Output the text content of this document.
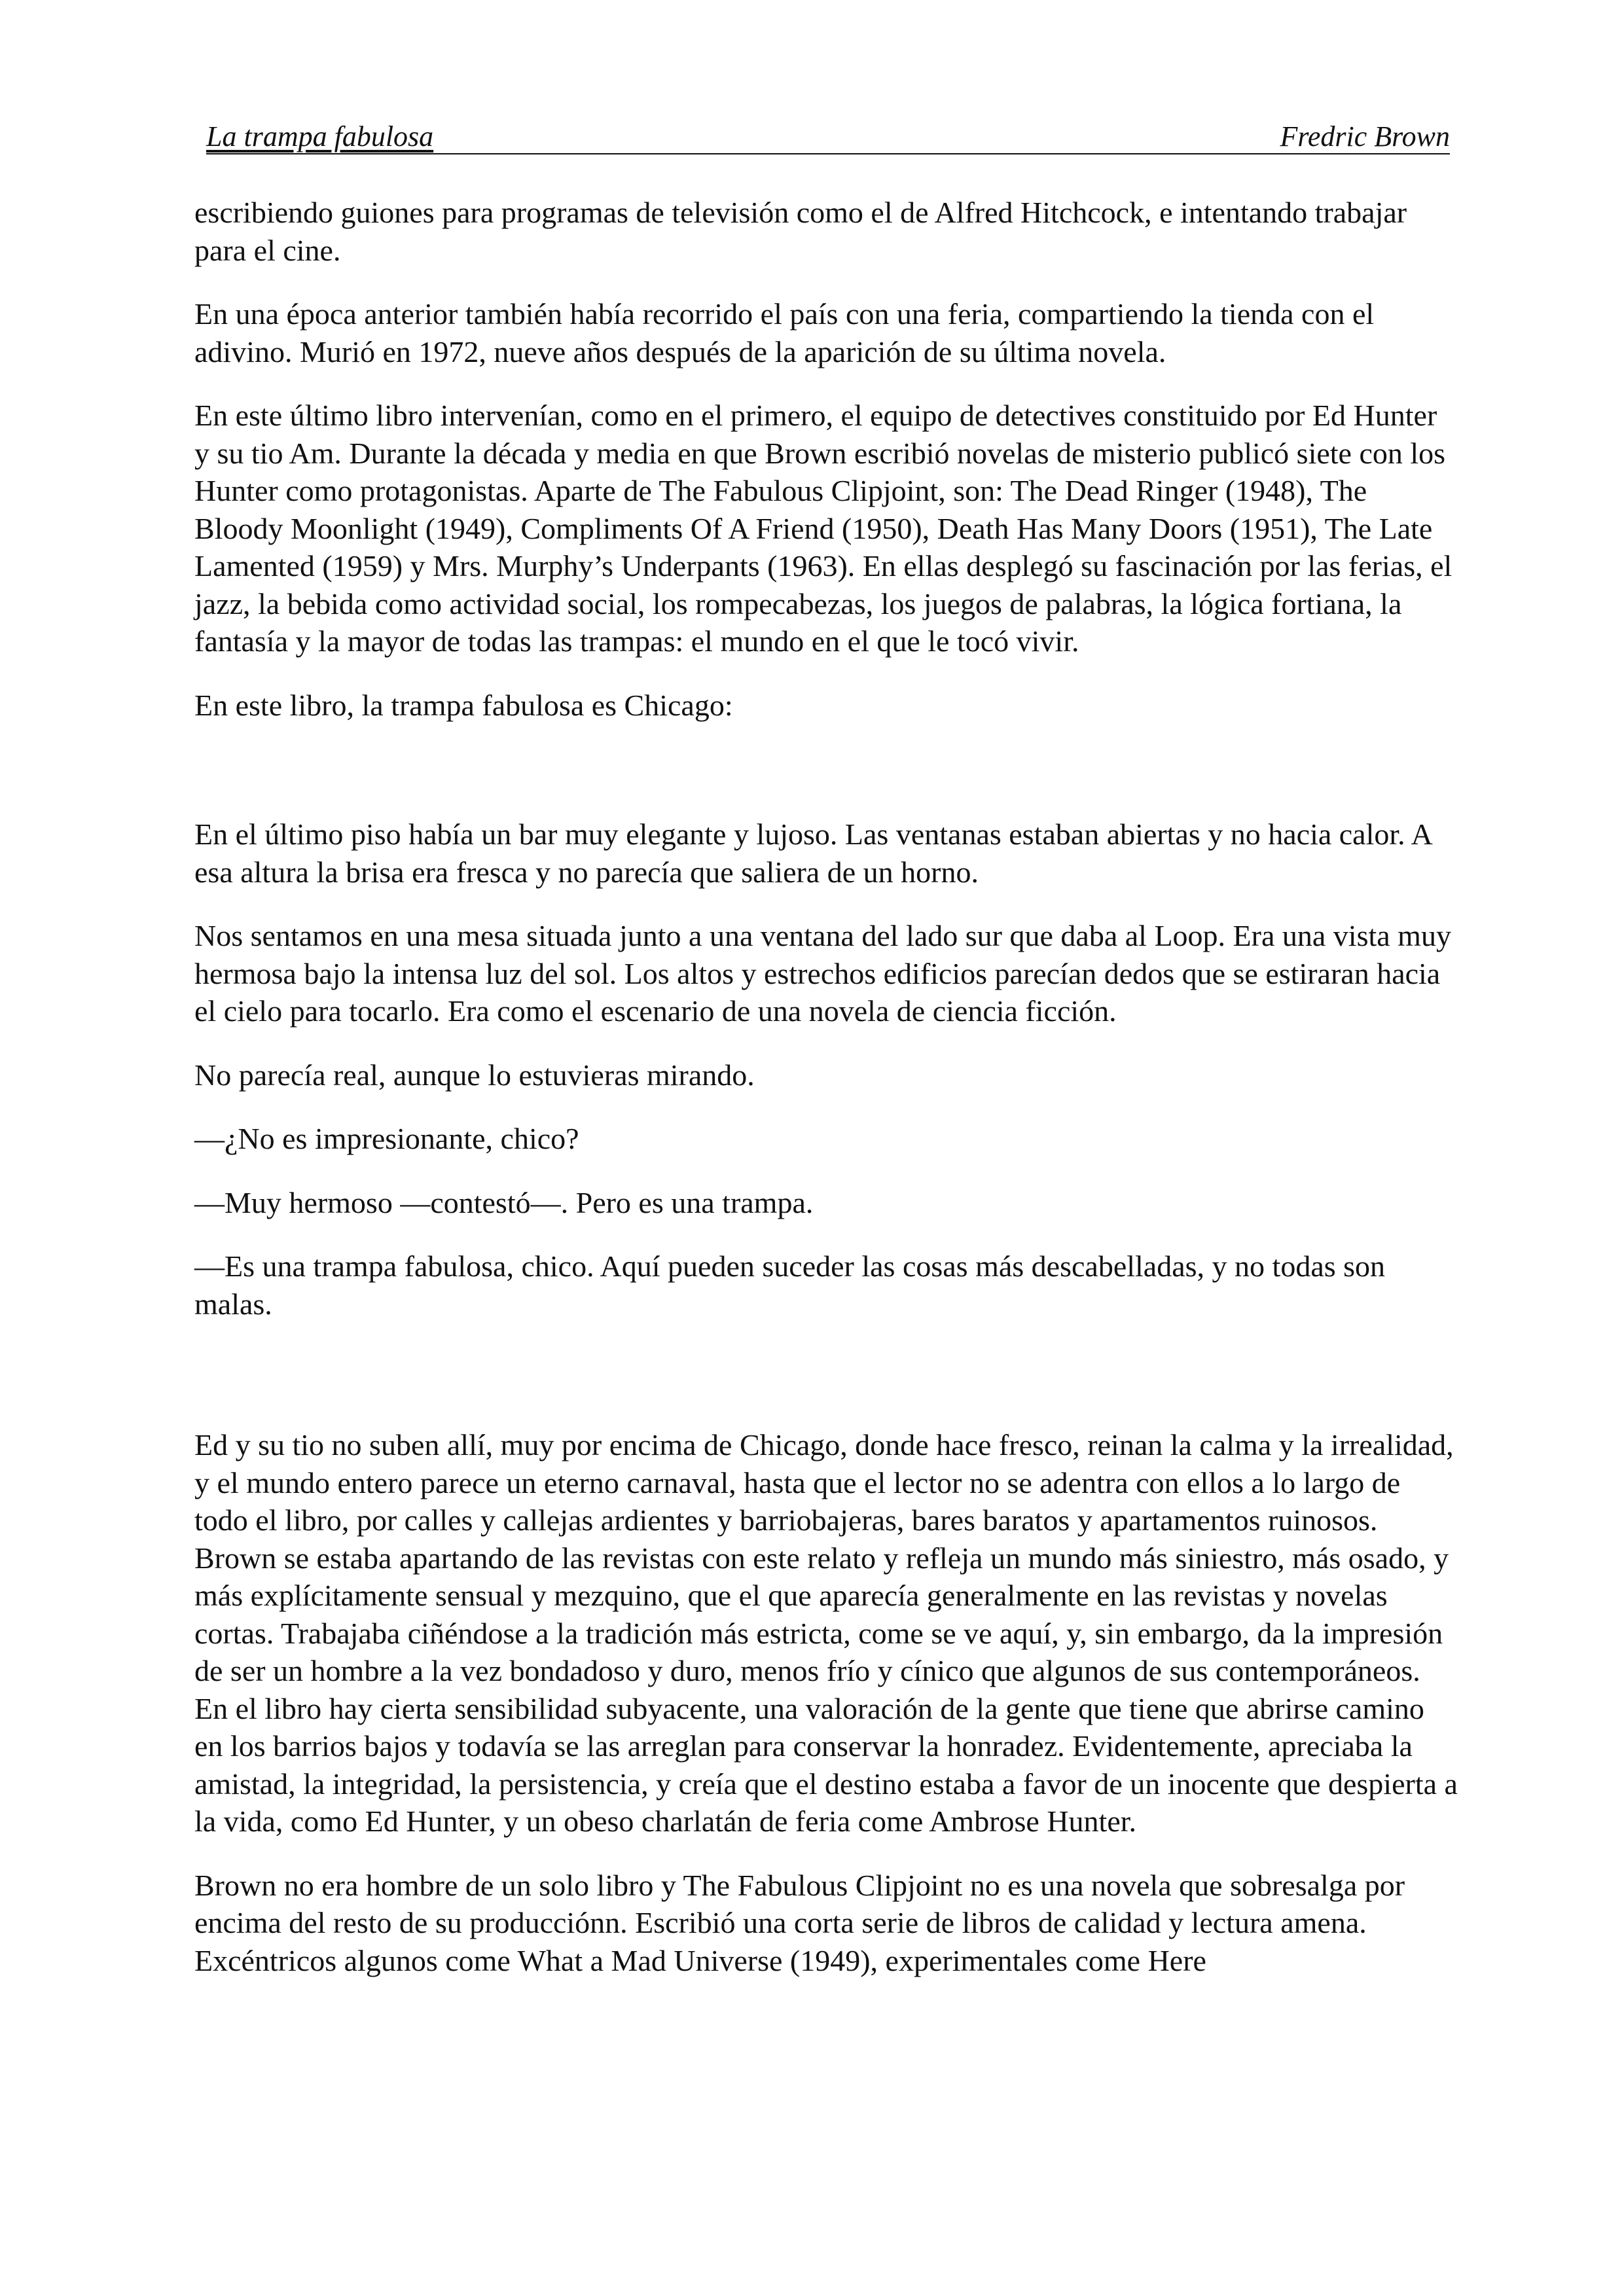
La trampa fabulosa	Fredric Brown

escribiendo guiones para programas de televisión como el de Alfred Hitchcock, e intentando trabajar para el cine.

En una época anterior también había recorrido el país con una feria, compartiendo la tienda con el adivino. Murió en 1972, nueve años después de la aparición de su última novela.

En este último libro intervenían, como en el primero, el equipo de detectives constituido por Ed Hunter y su tio Am. Durante la década y media en que Brown escribió novelas de misterio publicó siete con los Hunter como protagonistas. Aparte de The Fabulous Clipjoint, son: The Dead Ringer (1948), The Bloody Moonlight (1949), Compliments Of A Friend (1950), Death Has Many Doors (1951), The Late Lamented (1959) y Mrs. Murphy’s Underpants (1963). En ellas desplegó su fascinación por las ferias, el jazz, la bebida como actividad social, los rompecabezas, los juegos de palabras, la lógica fortiana, la fantasía y la mayor de todas las trampas: el mundo en el que le tocó vivir.

En este libro, la trampa fabulosa es Chicago:

En el último piso había un bar muy elegante y lujoso. Las ventanas estaban abiertas y no hacia calor. A esa altura la brisa era fresca y no parecía que saliera de un horno.

Nos sentamos en una mesa situada junto a una ventana del lado sur que daba al Loop. Era una vista muy hermosa bajo la intensa luz del sol. Los altos y estrechos edificios parecían dedos que se estiraran hacia el cielo para tocarlo. Era como el escenario de una novela de ciencia ficción.

No parecía real, aunque lo estuvieras mirando.

—¿No es impresionante, chico?

—Muy hermoso —contestó—. Pero es una trampa.

—Es una trampa fabulosa, chico. Aquí pueden suceder las cosas más descabelladas, y no todas son malas.

Ed y su tio no suben allí, muy por encima de Chicago, donde hace fresco, reinan la calma y la irrealidad, y el mundo entero parece un eterno carnaval, hasta que el lector no se adentra con ellos a lo largo de todo el libro, por calles y callejas ardientes y barriobajeras, bares baratos y apartamentos ruinosos. Brown se estaba apartando de las revistas con este relato y refleja un mundo más siniestro, más osado, y más explícitamente sensual y mezquino, que el que aparecía generalmente en las revistas y novelas cortas. Trabajaba ciñéndose a la tradición más estricta, come se ve aquí, y, sin embargo, da la impresión de ser un hombre a la vez bondadoso y duro, menos frío y cínico que algunos de sus contemporáneos. En el libro hay cierta sensibilidad subyacente, una valoración de la gente que tiene que abrirse camino en los barrios bajos y todavía se las arreglan para conservar la honradez. Evidentemente, apreciaba la amistad, la integridad, la persistencia, y creía que el destino estaba a favor de un inocente que despierta a la vida, como Ed Hunter, y un obeso charlatán de feria come Ambrose Hunter.

Brown no era hombre de un solo libro y The Fabulous Clipjoint no es una novela que sobresalga por encima del resto de su producciónn. Escribió una corta serie de libros de calidad y lectura amena. Excéntricos algunos come What a Mad Universe (1949), experimentales come Here
